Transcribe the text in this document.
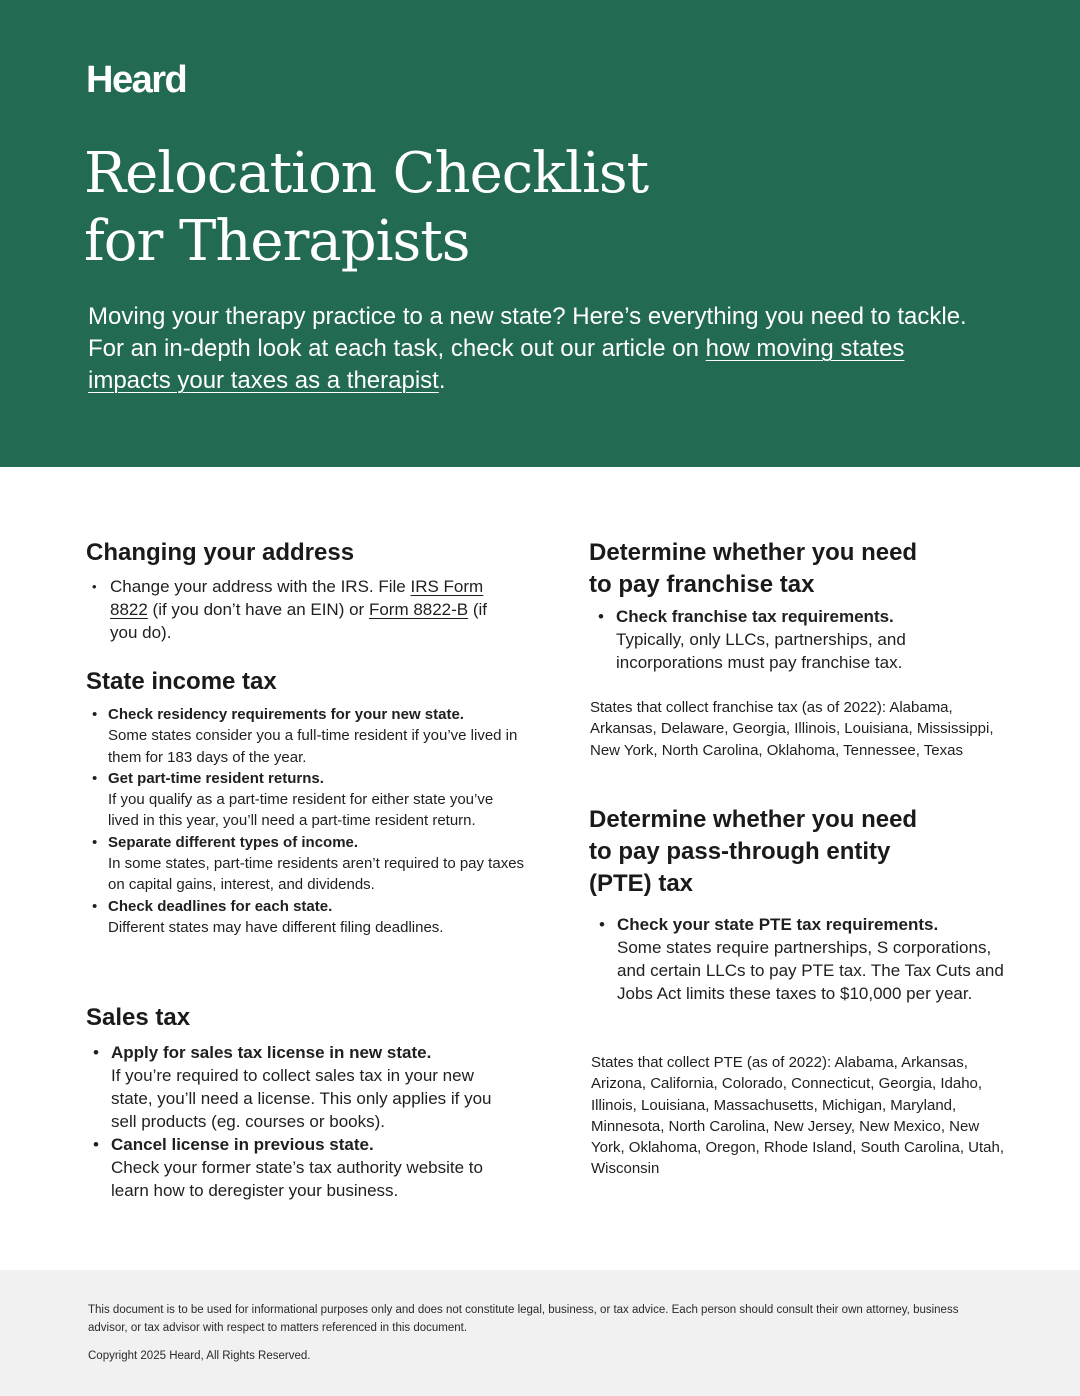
Heard
Relocation Checklist
for Therapists

Moving your therapy practice to a new state? Here’s everything you need to tackle. For an in-depth look at each task, check out our article on how moving states impacts your taxes as a therapist.

Changing your address
• Change your address with the IRS. File IRS Form 8822 (if you don’t have an EIN) or Form 8822-B (if you do).
State income tax
• Check residency requirements for your new state.
Some states consider you a full-time resident if you’ve lived in them for 183 days of the year.
• Get part-time resident returns.
If you qualify as a part-time resident for either state you’ve lived in this year, you’ll need a part-time resident return.
• Separate different types of income.
In some states, part-time residents aren’t required to pay taxes on capital gains, interest, and dividends.
• Check deadlines for each state.
Different states may have different filing deadlines.
Sales tax
• Apply for sales tax license in new state.
If you’re required to collect sales tax in your new state, you’ll need a license. This only applies if you sell products (eg. courses or books).
• Cancel license in previous state.
Check your former state’s tax authority website to learn how to deregister your business.
Determine whether you need
to pay franchise tax
• Check franchise tax requirements.
Typically, only LLCs, partnerships, and incorporations must pay franchise tax.

States that collect franchise tax (as of 2022): Alabama, Arkansas, Delaware, Georgia, Illinois, Louisiana, Mississippi, New York, North Carolina, Oklahoma, Tennessee, Texas

Determine whether you need
to pay pass-through entity
(PTE) tax
• Check your state PTE tax requirements.
Some states require partnerships, S corporations, and certain LLCs to pay PTE tax. The Tax Cuts and Jobs Act limits these taxes to $10,000 per year.

States that collect PTE (as of 2022): Alabama, Arkansas, Arizona, California, Colorado, Connecticut, Georgia, Idaho, Illinois, Louisiana, Massachusetts, Michigan, Maryland, Minnesota, North Carolina, New Jersey, New Mexico, New York, Oklahoma, Oregon, Rhode Island, South Carolina, Utah, Wisconsin

This document is to be used for informational purposes only and does not constitute legal, business, or tax advice. Each person should consult their own attorney, business advisor, or tax advisor with respect to matters referenced in this document.

Copyright 2025 Heard, All Rights Reserved.
